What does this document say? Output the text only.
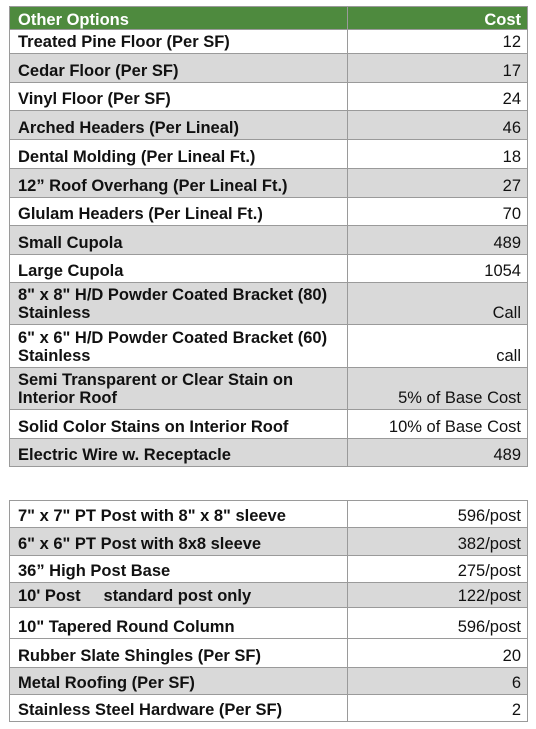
Other Options	Cost
Treated Pine Floor (Per SF)	12
Cedar Floor (Per SF)	17
Vinyl Floor (Per SF)	24
Arched Headers (Per Lineal)	46
Dental Molding (Per Lineal Ft.)	18
12” Roof Overhang (Per Lineal Ft.)	27
Glulam Headers (Per Lineal Ft.)	70
Small Cupola	489
Large Cupola	1054
8" x 8" H/D Powder Coated Bracket (80) Stainless	Call
6" x 6" H/D Powder Coated Bracket (60) Stainless	call
Semi Transparent or Clear Stain on Interior Roof	5% of Base Cost
Solid Color Stains on Interior Roof	10% of Base Cost
Electric Wire w. Receptacle	489
7" x 7" PT Post with 8" x 8" sleeve	596/post
6" x 6" PT Post with 8x8 sleeve	382/post
36” High Post Base	275/post
10' Post     standard post only	122/post
10" Tapered Round Column	596/post
Rubber Slate Shingles (Per SF)	20
Metal Roofing (Per SF)	6
Stainless Steel Hardware (Per SF)	2
